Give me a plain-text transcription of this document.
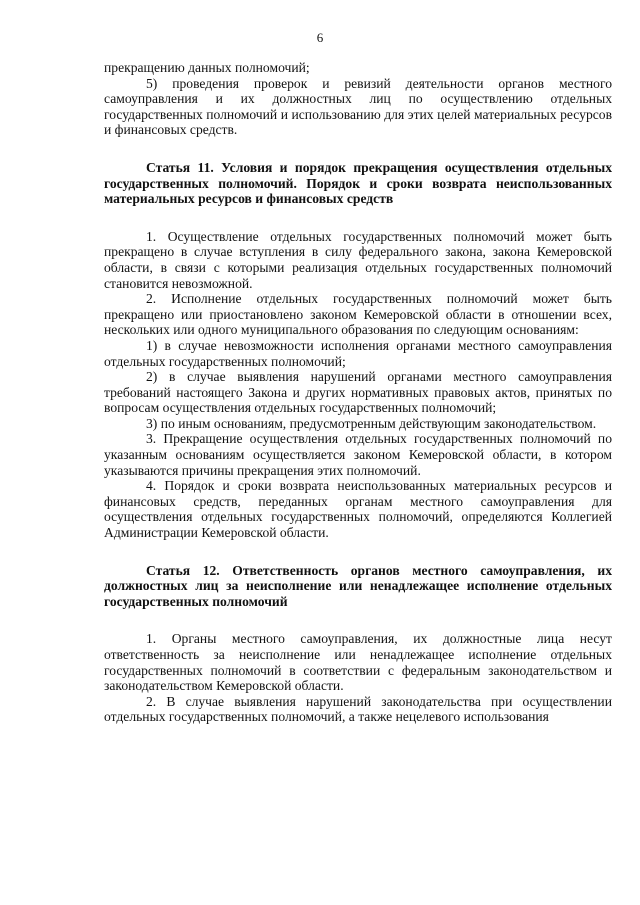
6

прекращению данных полномочий;

5) проведения проверок и ревизий деятельности органов местного самоуправления и их должностных лиц по осуществлению отдельных государственных полномочий и использованию для этих целей материальных ресурсов и финансовых средств.

Статья 11. Условия и порядок прекращения осуществления отдельных государственных полномочий. Порядок и сроки возврата неиспользованных материальных ресурсов и финансовых средств

1. Осуществление отдельных государственных полномочий может быть прекращено в случае вступления в силу федерального закона, закона Кемеровской области, в связи с которыми реализация отдельных государственных полномочий становится невозможной.

2. Исполнение отдельных государственных полномочий может быть прекращено или приостановлено законом Кемеровской области в отношении всех, нескольких или одного муниципального образования по следующим основаниям:

1) в случае невозможности исполнения органами местного самоуправления отдельных государственных полномочий;

2) в случае выявления нарушений органами местного самоуправления требований настоящего Закона и других нормативных правовых актов, принятых по вопросам осуществления отдельных государственных полномочий;

3) по иным основаниям, предусмотренным действующим законодательством.

3. Прекращение осуществления отдельных государственных полномочий по указанным основаниям осуществляется законом Кемеровской области, в котором указываются причины прекращения этих полномочий.

4. Порядок и сроки возврата неиспользованных материальных ресурсов и финансовых средств, переданных органам местного самоуправления для осуществления отдельных государственных полномочий, определяются Коллегией Администрации Кемеровской области.

Статья 12. Ответственность органов местного самоуправления, их должностных лиц за неисполнение или ненадлежащее исполнение отдельных государственных полномочий

1. Органы местного самоуправления, их должностные лица несут ответственность за неисполнение или ненадлежащее исполнение отдельных государственных полномочий в соответствии с федеральным законодательством и законодательством Кемеровской области.

2. В случае выявления нарушений законодательства при осуществлении отдельных государственных полномочий, а также нецелевого использования
